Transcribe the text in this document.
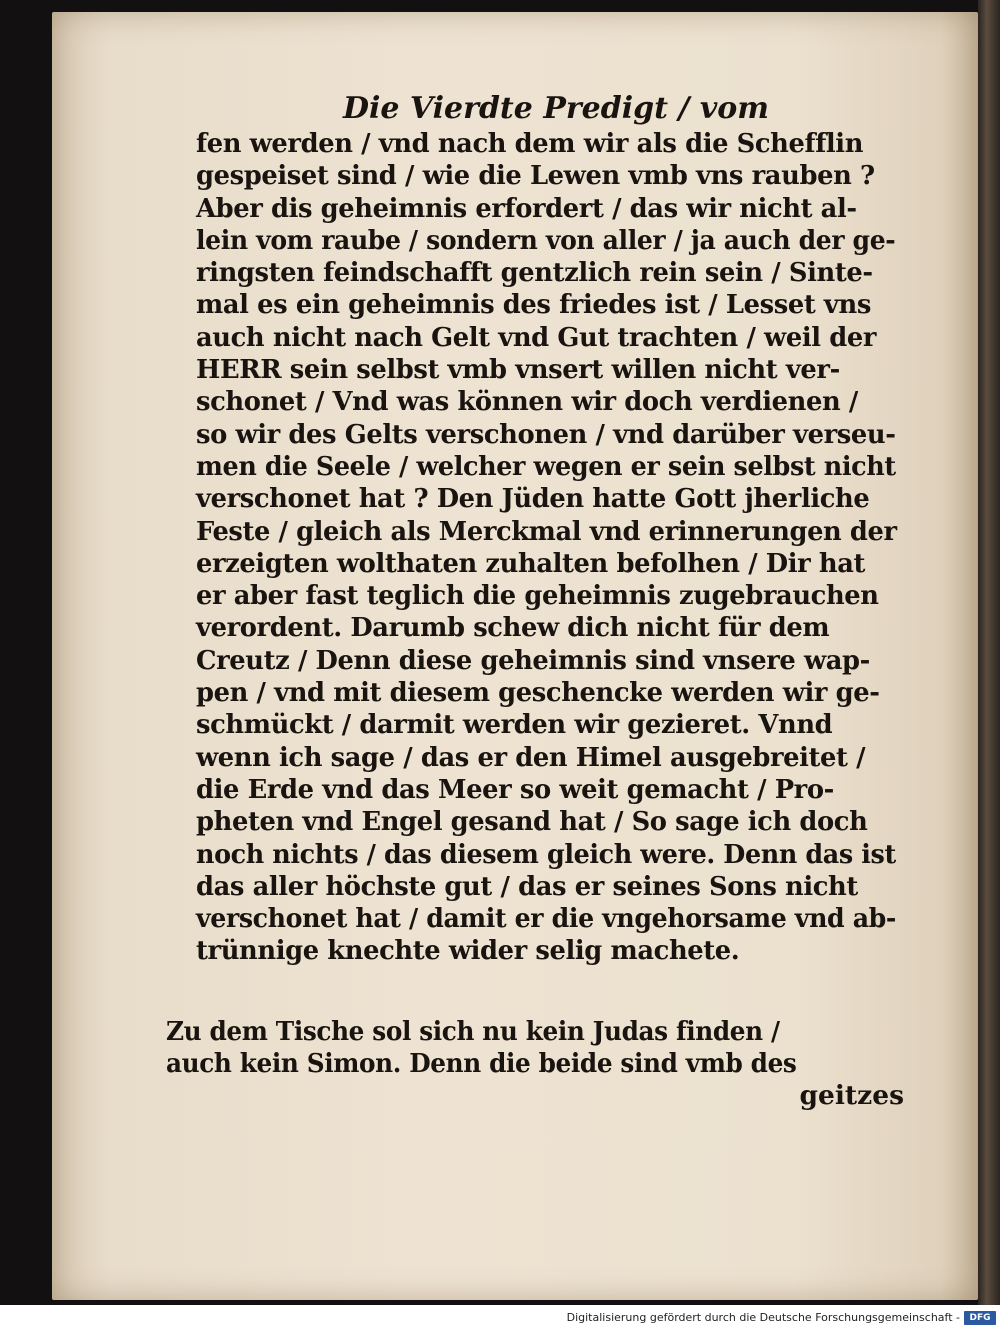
Die Vierdte Predigt / vom
fen werden / vnd nach dem wir als die Schefflin
gespeiset sind / wie die Lewen vmb vns rauben ?
Aber dis geheimnis erfordert / das wir nicht al-
lein vom raube / sondern von aller / ja auch der ge-
ringsten feindschafft gentzlich rein sein / Sinte-
mal es ein geheimnis des friedes ist / Lesset vns
auch nicht nach Gelt vnd Gut trachten / weil der
HERR sein selbst vmb vnsert willen nicht ver-
schonet / Vnd was können wir doch verdienen /
so wir des Gelts verschonen / vnd darüber verseu-
men die Seele / welcher wegen er sein selbst nicht
verschonet hat ? Den Jüden hatte Gott jherliche
Feste / gleich als Merckmal vnd erinnerungen der
erzeigten wolthaten zuhalten befolhen / Dir hat
er aber fast teglich die geheimnis zugebrauchen
verordent. Darumb schew dich nicht für dem
Creutz / Denn diese geheimnis sind vnsere wap-
pen / vnd mit diesem geschencke werden wir ge-
schmückt / darmit werden wir gezieret. Vnnd
wenn ich sage / das er den Himel ausgebreitet /
die Erde vnd das Meer so weit gemacht / Pro-
pheten vnd Engel gesand hat / So sage ich doch
noch nichts / das diesem gleich were. Denn das ist
das aller höchste gut / das er seines Sons nicht
verschonet hat / damit er die vngehorsame vnd ab-
trünnige knechte wider selig machete.
Zu dem Tische sol sich nu kein Judas finden /
auch kein Simon. Denn die beide sind vmb des
geitzes
Digitalisierung gefördert durch die Deutsche Forschungsgemeinschaft -	DFG
